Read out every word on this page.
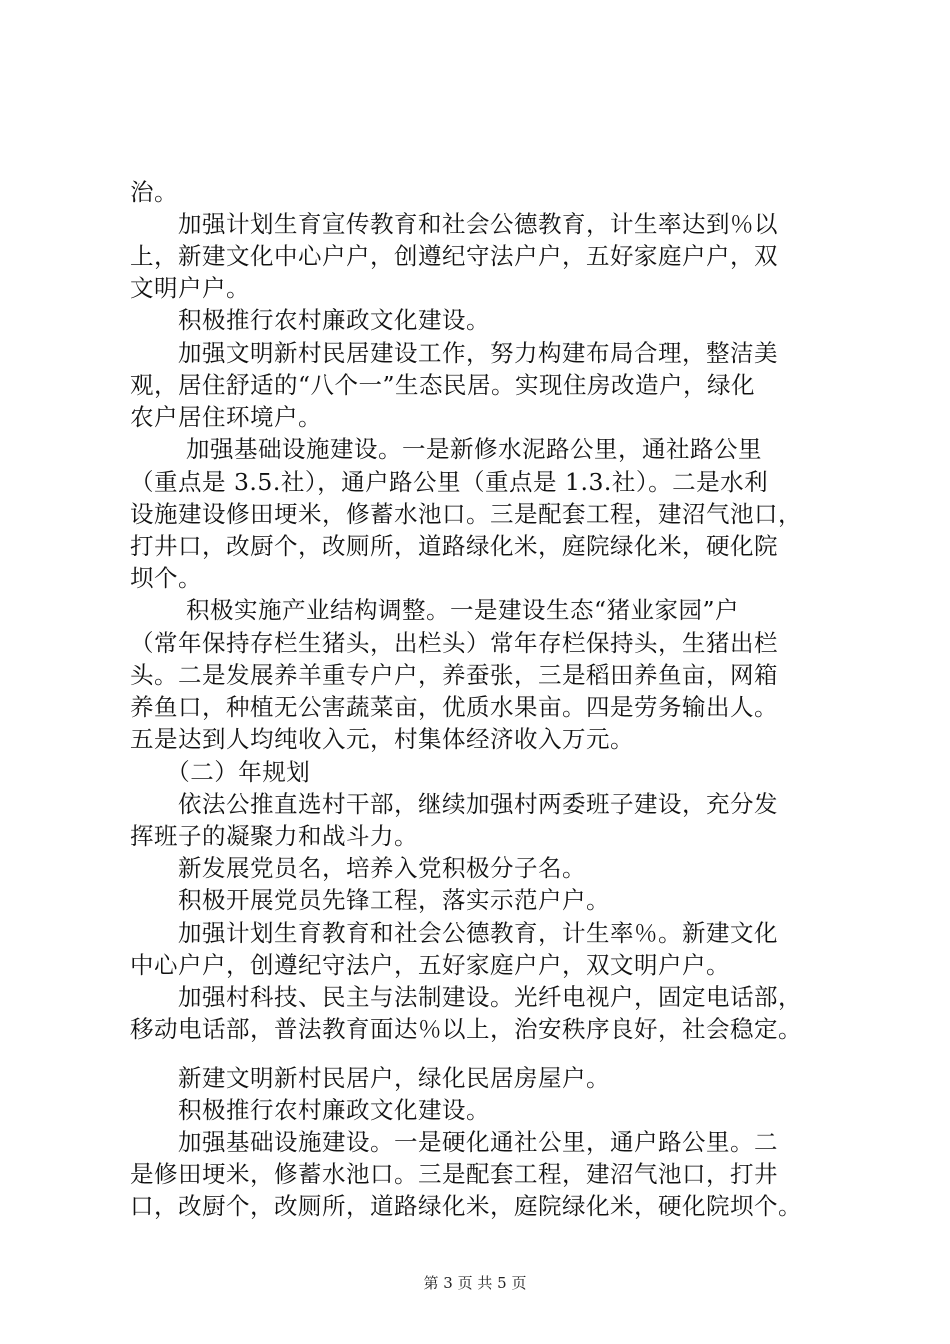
治。
　　加强计划生育宣传教育和社会公德教育，计生率达到％以
上，新建文化中心户户，创遵纪守法户户，五好家庭户户，双
文明户户。
　　积极推行农村廉政文化建设。
　　加强文明新村民居建设工作，努力构建布局合理，整洁美
观，居住舒适的“八个一”生态民居。实现住房改造户，绿化
农户居住环境户。
　　 加强基础设施建设。一是新修水泥路公里，通社路公里
（重点是 3.5.社），通户路公里（重点是 1.3.社）。二是水利
设施建设修田埂米，修蓄水池口。三是配套工程，建沼气池口，
打井口，改厨个，改厕所，道路绿化米，庭院绿化米，硬化院
坝个。
　　 积极实施产业结构调整。一是建设生态“猪业家园”户
（常年保持存栏生猪头，出栏头）常年存栏保持头，生猪出栏
头。二是发展养羊重专户户，养蚕张，三是稻田养鱼亩，网箱
养鱼口，种植无公害蔬菜亩，优质水果亩。四是劳务输出人。
五是达到人均纯收入元，村集体经济收入万元。
　　（二）年规划
　　依法公推直选村干部，继续加强村两委班子建设，充分发
挥班子的凝聚力和战斗力。
　　新发展党员名，培养入党积极分子名。
　　积极开展党员先锋工程，落实示范户户。
　　加强计划生育教育和社会公德教育，计生率％。新建文化
中心户户，创遵纪守法户，五好家庭户户，双文明户户。
　　加强村科技、民主与法制建设。光纤电视户，固定电话部，
移动电话部，普法教育面达％以上，治安秩序良好，社会稳定。
　　新建文明新村民居户，绿化民居房屋户。
　　积极推行农村廉政文化建设。
　　加强基础设施建设。一是硬化通社公里，通户路公里。二
是修田埂米，修蓄水池口。三是配套工程，建沼气池口，打井
口，改厨个，改厕所，道路绿化米，庭院绿化米，硬化院坝个。
第 3 页 共 5 页
